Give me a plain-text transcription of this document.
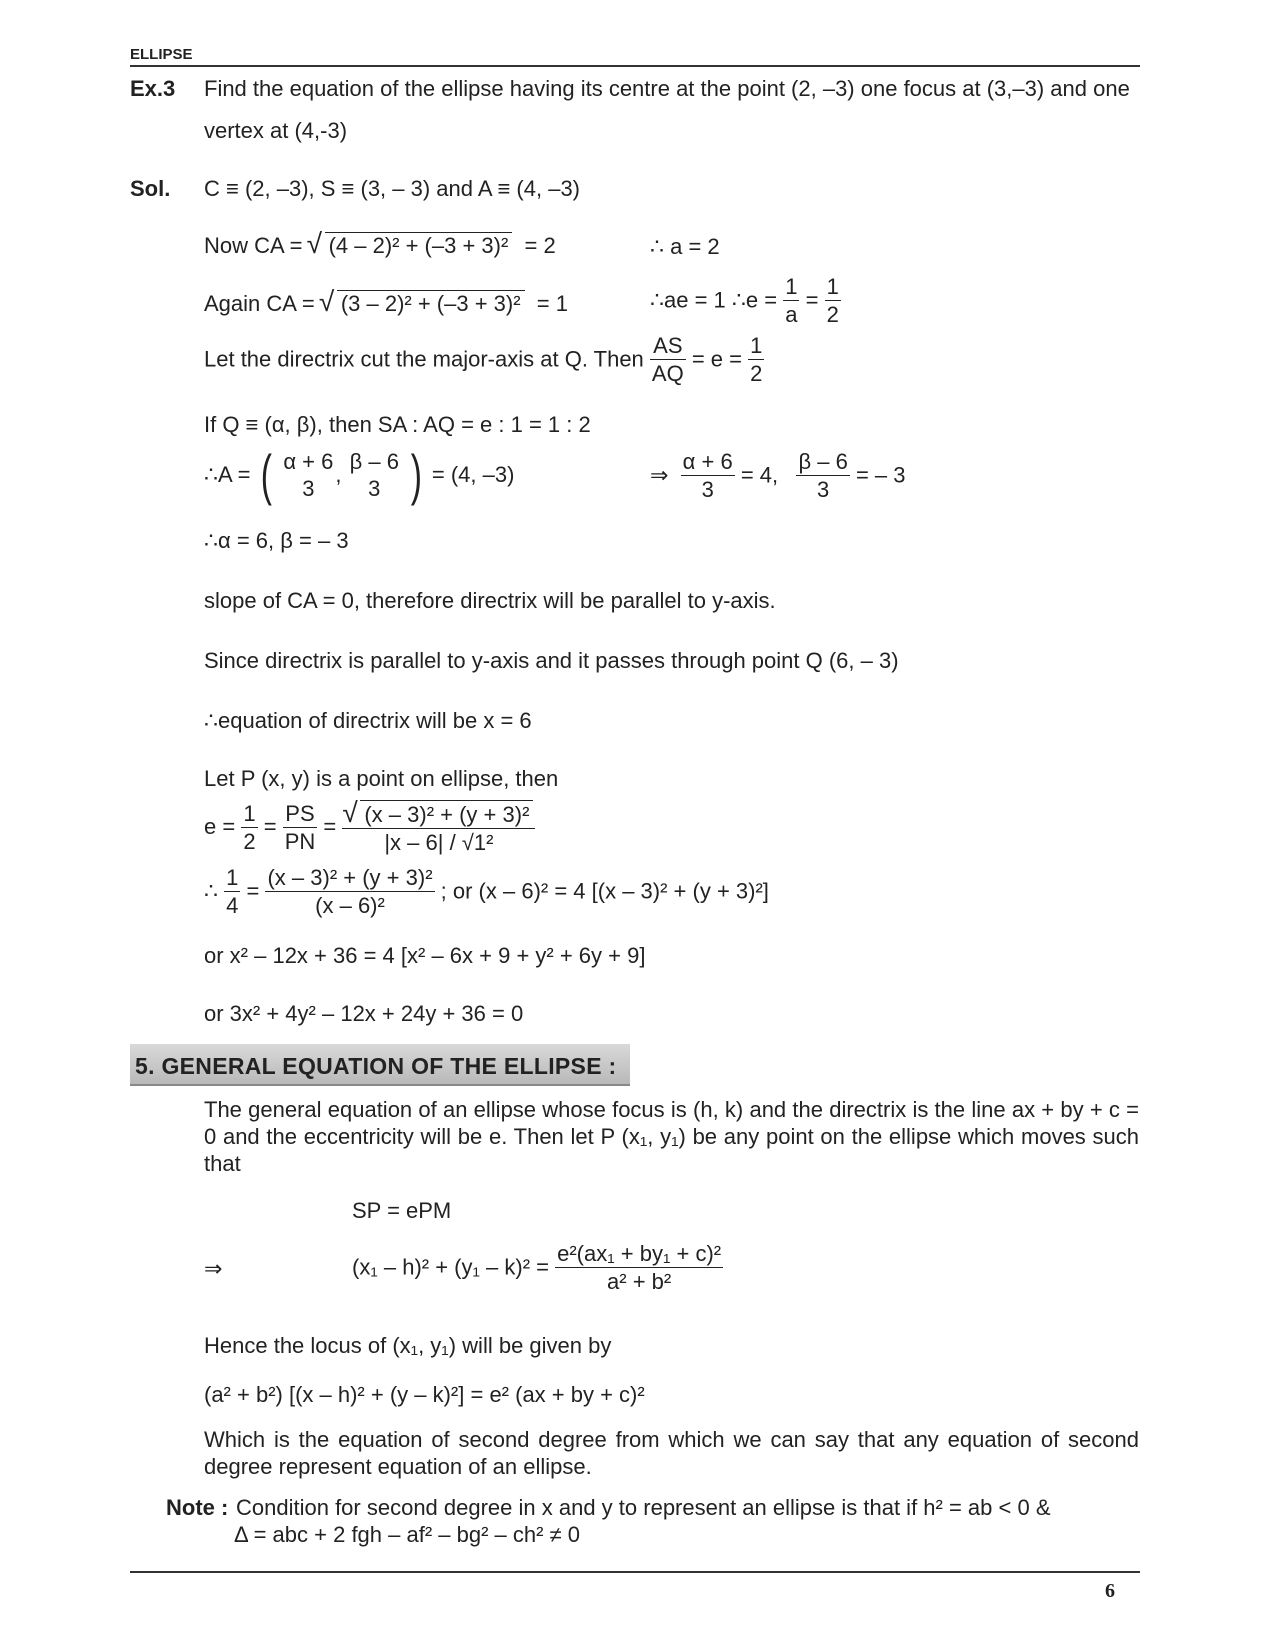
ELLIPSE
Ex.3 Find the equation of the ellipse having its centre at the point (2, –3) one focus at (3,–3) and one
vertex at (4,-3)
Sol. C ≡ (2, –3), S ≡ (3, – 3) and A ≡ (4, –3)
Now CA = √ (4 – 2)² + (–3 + 3)² = 2	∴ a = 2
Again CA = √ (3 – 2)² + (–3 + 3)² = 1	∴ae = 1 ∴e = $\frac{1}{a} = \frac{1}{2}$
Let the directrix cut the major-axis at Q. Then $\frac{AS}{AQ} = e = \frac{1}{2}$
If Q ≡ (α, β), then SA : AQ = e : 1 = 1 : 2
∴A = ( α + 6
3
,
β – 6
3 ) = (4, –3)	⇒ $\frac{\alpha + 6}{3} = 4$, $\frac{\beta - 6}{3}$ = – 3
∴α = 6, β = – 3
slope of CA = 0, therefore directrix will be parallel to y-axis.
Since directrix is parallel to y-axis and it passes through point Q (6, – 3)
∴equation of directrix will be x = 6
Let P (x, y) is a point on ellipse, then
$e = \frac{1}{2} = \frac{PS}{PN}$ = √ $\frac{\text{(x – 3)² + (y + 3)²}}{\text{|x – 6| / √1²}}$
∴ $\frac{1}{4} = \frac{\text{(x – 3)² + (y + 3)²}}{\text{(x – 6)²}}$ ; or (x – 6)² = 4 [(x – 3)² + (y + 3)²]
or x² – 12x + 36 = 4 [x² – 6x + 9 + y² + 6y + 9]
or 3x² + 4y² – 12x + 24y + 36 = 0
5. GENERAL EQUATION OF THE ELLIPSE :
The general equation of an ellipse whose focus is (h, k) and the directrix is the line ax + by + c = 0 and the eccentricity will be e. Then let P (x₁, y₁) be any point on the ellipse which moves such that
SP = ePM
⇒	$(x_1 - h)^2 + (y_1 - k)^2 = \frac{\text{e²(ax₁ + by₁ + c)²}}{\text{a² + b²}}$
Hence the locus of (x₁, y₁) will be given by
(a² + b²) [(x – h)² + (y – k)²] = e² (ax + by + c)²
Which is the equation of second degree from which we can say that any equation of second degree represent equation of an ellipse.
Note : Condition for second degree in x and y to represent an ellipse is that if h² = ab < 0 &
Δ = abc + 2 fgh – af² – bg² – ch² ≠ 0
6
